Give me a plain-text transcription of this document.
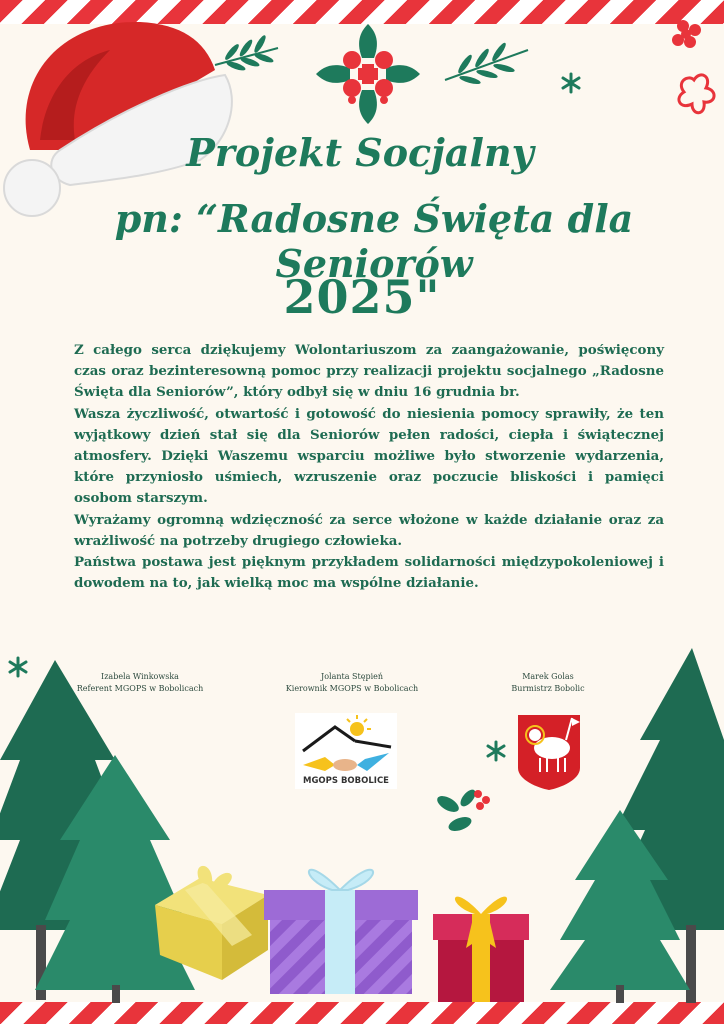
Projekt Socjalny
pn: “Radosne Święta dla Seniorów
2025"

Z całego serca dziękujemy Wolontariuszom za zaangażowanie, poświęcony czas oraz bezinteresowną pomoc przy realizacji projektu socjalnego „Radosne Święta dla Seniorów”, który odbył się w dniu 16 grudnia br.

Wasza życzliwość, otwartość i gotowość do niesienia pomocy sprawiły, że ten wyjątkowy dzień stał się dla Seniorów pełen radości, ciepła i świątecznej atmosfery. Dzięki Waszemu wsparciu możliwe było stworzenie wydarzenia, które przyniosło uśmiech, wzruszenie oraz poczucie bliskości i pamięci osobom starszym.

Wyrażamy ogromną wdzięczność za serce włożone w każde działanie oraz za wrażliwość na potrzeby drugiego człowieka.

Państwa postawa jest pięknym przykładem solidarności międzypokoleniowej i dowodem na to, jak wielką moc ma wspólne działanie.

Izabela Winkowska
Referent MGOPS w Bobolicach
Jolanta Stępień
Kierownik MGOPS w Bobolicach
Marek Golas
Burmistrz Bobolic
MGOPS BOBOLICE
